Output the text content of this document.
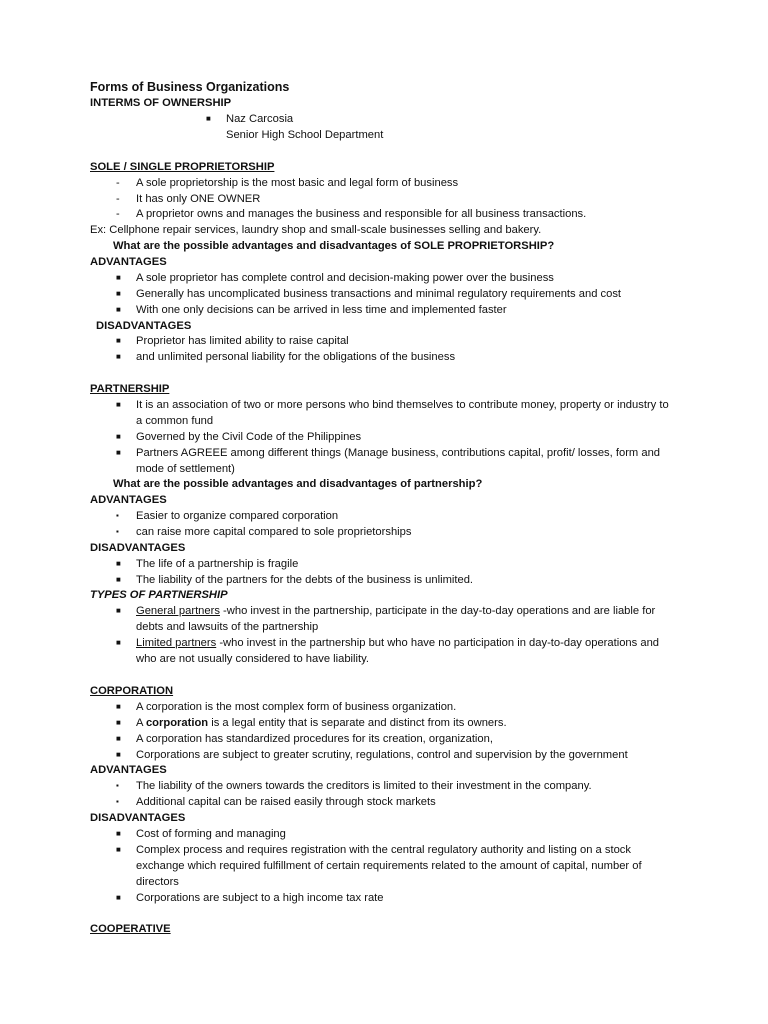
Forms of Business Organizations
INTERMS OF OWNERSHIP
■ Naz Carcosia
Senior High School Department
SOLE / SINGLE PROPRIETORSHIP
- A sole proprietorship is the most basic and legal form of business
- It has only ONE OWNER
- A proprietor owns and manages the business and responsible for all business transactions.
Ex: Cellphone repair services, laundry shop and small-scale businesses selling and bakery.
What are the possible advantages and disadvantages of SOLE PROPRIETORSHIP?
ADVANTAGES
■ A sole proprietor has complete control and decision-making power over the business
■ Generally has uncomplicated business transactions and minimal regulatory requirements and cost
■ With one only decisions can be arrived in less time and implemented faster
DISADVANTAGES
■ Proprietor has limited ability to raise capital
■ and unlimited personal liability for the obligations of the business
PARTNERSHIP
■ It is an association of two or more persons who bind themselves to contribute money, property or industry to
a common fund
■ Governed by the Civil Code of the Philippines
■ Partners AGREEE among different things (Manage business, contributions capital, profit/ losses, form and
mode of settlement)
What are the possible advantages and disadvantages of partnership?
ADVANTAGES
▪ Easier to organize compared corporation
▪ can raise more capital compared to sole proprietorships
DISADVANTAGES
■ The life of a partnership is fragile
■ The liability of the partners for the debts of the business is unlimited.
TYPES OF PARTNERSHIP
■ General partners -who invest in the partnership, participate in the day-to-day operations and are liable for
debts and lawsuits of the partnership
■ Limited partners -who invest in the partnership but who have no participation in day-to-day operations and
who are not usually considered to have liability.
CORPORATION
■ A corporation is the most complex form of business organization.
■ A corporation is a legal entity that is separate and distinct from its owners.
■ A corporation has standardized procedures for its creation, organization,
■ Corporations are subject to greater scrutiny, regulations, control and supervision by the government
ADVANTAGES
▪ The liability of the owners towards the creditors is limited to their investment in the company.
▪ Additional capital can be raised easily through stock markets
DISADVANTAGES
■ Cost of forming and managing
■ Complex process and requires registration with the central regulatory authority and listing on a stock
exchange which required fulfillment of certain requirements related to the amount of capital, number of
directors
■ Corporations are subject to a high income tax rate
COOPERATIVE
